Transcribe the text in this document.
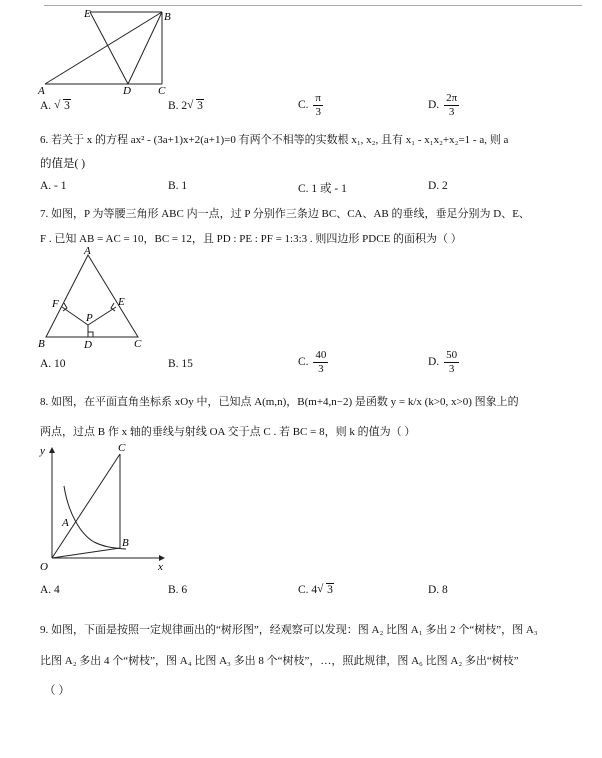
E	B
A	D C
A. √ 3	B. 2 √ 3	C. $\frac{\pi}{3}$	D. $\frac{2\pi}{3}$
6. 若关于 x 的方程 ax² - (3a+1)x+2(a+1)=0 有两个不相等的实数根 x₁, x₂, 且有 x₁ - x₁x₂+x₂=1 - a, 则 a
的值是( )
A. - 1	B. 1	C. 1 或 - 1	D. 2
7. 如图，P 为等腰三角形 ABC 内一点，过 P 分别作三条边 BC、CA、AB 的垂线，垂足分别为 D、E、
F . 已知 AB = AC = 10，BC = 12，且 PD : PE : PF = 1:3:3 . 则四边形 PDCE 的面积为（ ）
A
B	D	C
F	E
P
A. 10	B. 15	C. $\frac{40}{3}$	D. $\frac{50}{3}$
8. 如图，在平面直角坐标系 xOy 中，已知点 A(m,n)，B(m+4,n−2) 是函数 y = k/x (k>0, x>0) 图象上的
两点，过点 B 作 x 轴的垂线与射线 OA 交于点 C . 若 BC = 8，则 k 的值为（ ）
y
x
O
A
B
C
A. 4	B. 6	C. 4 √ 3	D. 8
9. 如图，下面是按照一定规律画出的“树形图”，经观察可以发现：图 A₂ 比图 A₁ 多出 2 个“树枝”，图 A₃
比图 A₂ 多出 4 个“树枝”，图 A₄ 比图 A₃ 多出 8 个“树枝”，…，照此规律，图 A₆ 比图 A₂ 多出“树枝”
（ ）
